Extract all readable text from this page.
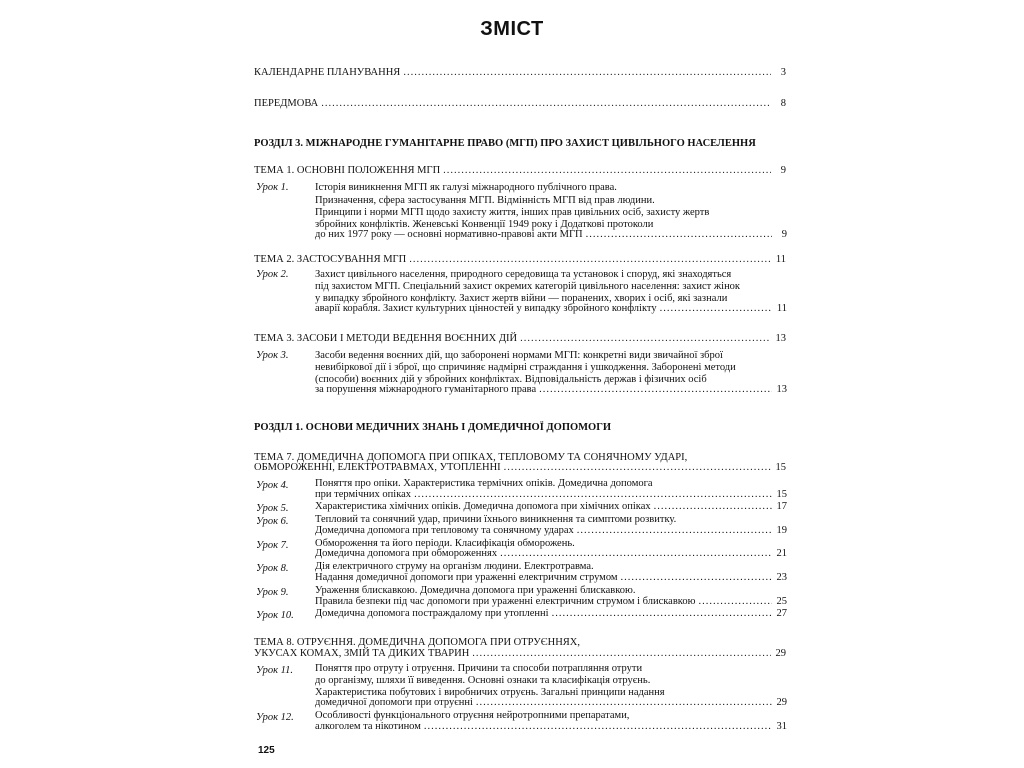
ЗМІСТ
КАЛЕНДАРНЕ ПЛАНУВАННЯ .....	3
ПЕРЕДМОВА .....	8
РОЗДІЛ 3. МІЖНАРОДНЕ ГУМАНІТАРНЕ ПРАВО (МГП) ПРО ЗАХИСТ ЦИВІЛЬНОГО НАСЕЛЕННЯ
ТЕМА 1. ОСНОВНІ ПОЛОЖЕННЯ МГП .....	9
Урок 1.	Історія виникнення МГП як галузі міжнародного публічного права.
Призначення, сфера застосування МГП. Відмінність МГП від прав людини.
Принципи і норми МГП щодо захисту життя, інших прав цивільних осіб, захисту жертв
збройних конфліктів. Женевські Конвенції 1949 року і Додаткові протоколи
до них 1977 року — основні нормативно-правові акти МГП .....	9
ТЕМА 2. ЗАСТОСУВАННЯ МГП .....	11
Урок 2.	Захист цивільного населення, природного середовища та установок і споруд, які знаходяться
під захистом МГП. Спеціальний захист окремих категорій цивільного населення: захист жінок
у випадку збройного конфлікту. Захист жертв війни — поранених, хворих і осіб, які зазнали
аварії корабля. Захист культурних цінностей у випадку збройного конфлікту .....	11
ТЕМА 3. ЗАСОБИ І МЕТОДИ ВЕДЕННЯ ВОЄННИХ ДІЙ .....	13
Урок 3.	Засоби ведення воєнних дій, що заборонені нормами МГП: конкретні види звичайної зброї
невибіркової дії і зброї, що спричиняє надмірні страждання і ушкодження. Заборонені методи
(способи) воєнних дій у збройних конфліктах. Відповідальність держав і фізичних осіб
за порушення міжнародного гуманітарного права .....	13
РОЗДІЛ 1. ОСНОВИ МЕДИЧНИХ ЗНАНЬ І ДОМЕДИЧНОЇ ДОПОМОГИ
ТЕМА 7. ДОМЕДИЧНА ДОПОМОГА ПРИ ОПІКАХ, ТЕПЛОВОМУ ТА СОНЯЧНОМУ УДАРІ,
ОБМОРОЖЕННІ, ЕЛЕКТРОТРАВМАХ, УТОПЛЕННІ .....	15
Урок 4.	Поняття про опіки. Характеристика термічних опіків. Домедична допомога
при термічних опіках .....	15
Урок 5.	Характеристика хімічних опіків. Домедична допомога при хімічних опіках .....	17
Урок 6.	Тепловий та сонячний удар, причини їхнього виникнення та симптоми розвитку.
Домедична допомога при тепловому та сонячному ударах .....	19
Урок 7.	Обмороження та його періоди. Класифікація обморожень.
Домедична допомога при обмороженнях .....	21
Урок 8.	Дія електричного струму на організм людини. Електротравма.
Надання домедичної допомоги при ураженні електричним струмом .....	23
Урок 9.	Ураження блискавкою. Домедична допомога при ураженні блискавкою.
Правила безпеки під час допомоги при ураженні електричним струмом і блискавкою .....	25
Урок 10. Домедична допомога постраждалому при утопленні .....	27
ТЕМА 8. ОТРУЄННЯ. ДОМЕДИЧНА ДОПОМОГА ПРИ ОТРУЄННЯХ,
УКУСАХ КОМАХ, ЗМІЙ ТА ДИКИХ ТВАРИН .....	29
Урок 11. Поняття про отруту і отруєння. Причини та способи потрапляння отрути
до організму, шляхи її виведення. Основні ознаки та класифікація отруєнь.
Характеристика побутових і виробничих отруєнь. Загальні принципи надання
домедичної допомоги при отруєнні .....	29
Урок 12. Особливості функціонального отруєння нейротропними препаратами,
алкоголем та нікотином .....	31
125
